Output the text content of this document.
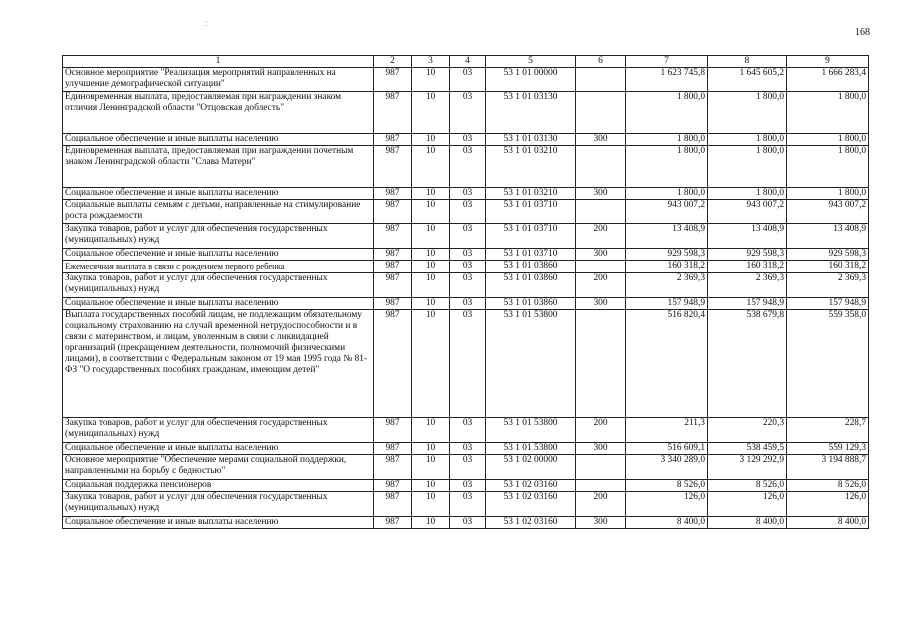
168
:
1	2	3	4	5	6	7	8	9
Основное мероприятие "Реализация мероприятий направленных на улучшение демографической ситуации"	987	10	03	53 1 01 00000		1 623 745,8	1 645 605,2	1 666 283,4
Единовременная выплата, предоставляемая при награждении знаком отличия Ленинградской области "Отцовская доблесть"	987	10	03	53 1 01 03130		1 800,0	1 800,0	1 800,0
Социальное обеспечение и иные выплаты населению	987	10	03	53 1 01 03130	300	1 800,0	1 800,0	1 800,0
Единовременная выплата, предоставляемая при награждении почетным знаком Ленинградской области "Слава Матери"	987	10	03	53 1 01 03210		1 800,0	1 800,0	1 800,0
Социальное обеспечение и иные выплаты населению	987	10	03	53 1 01 03210	300	1 800,0	1 800,0	1 800,0
Социальные выплаты семьям с детьми, направленные на стимулирование роста рождаемости	987	10	03	53 1 01 03710		943 007,2	943 007,2	943 007,2
Закупка товаров, работ и услуг для обеспечения государственных (муниципальных) нужд	987	10	03	53 1 01 03710	200	13 408,9	13 408,9	13 408,9
Социальное обеспечение и иные выплаты населению	987	10	03	53 1 01 03710	300	929 598,3	929 598,3	929 598,3
Ежемесячная выплата в связи с рождением первого ребенка	987	10	03	53 1 01 03860		160 318,2	160 318,2	160 318,2
Закупка товаров, работ и услуг для обеспечения государственных (муниципальных) нужд	987	10	03	53 1 01 03860	200	2 369,3	2 369,3	2 369,3
Социальное обеспечение и иные выплаты населению	987	10	03	53 1 01 03860	300	157 948,9	157 948,9	157 948,9
Выплата государственных пособий лицам, не подлежащим обязательному социальному страхованию на случай временной нетрудоспособности и в связи с материнством, и лицам, уволенным в связи с ликвидацией организаций (прекращением деятельности, полномочий физическими лицами), в соответствии с Федеральным законом от 19 мая 1995 года № 81-ФЗ "О государственных пособиях гражданам, имеющим детей"	987	10	03	53 1 01 53800		516 820,4	538 679,8	559 358,0
Закупка товаров, работ и услуг для обеспечения государственных (муниципальных) нужд	987	10	03	53 1 01 53800	200	211,3	220,3	228,7
Социальное обеспечение и иные выплаты населению	987	10	03	53 1 01 53800	300	516 609,1	538 459,5	559 129,3
Основное мероприятие "Обеспечение мерами социальной поддержки, направленными на борьбу с бедностью"	987	10	03	53 1 02 00000		3 340 289,0	3 129 292,9	3 194 888,7
Социальная поддержка пенсионеров	987	10	03	53 1 02 03160		8 526,0	8 526,0	8 526,0
Закупка товаров, работ и услуг для обеспечения государственных (муниципальных) нужд	987	10	03	53 1 02 03160	200	126,0	126,0	126,0
Социальное обеспечение и иные выплаты населению	987	10	03	53 1 02 03160	300	8 400,0	8 400,0	8 400,0
